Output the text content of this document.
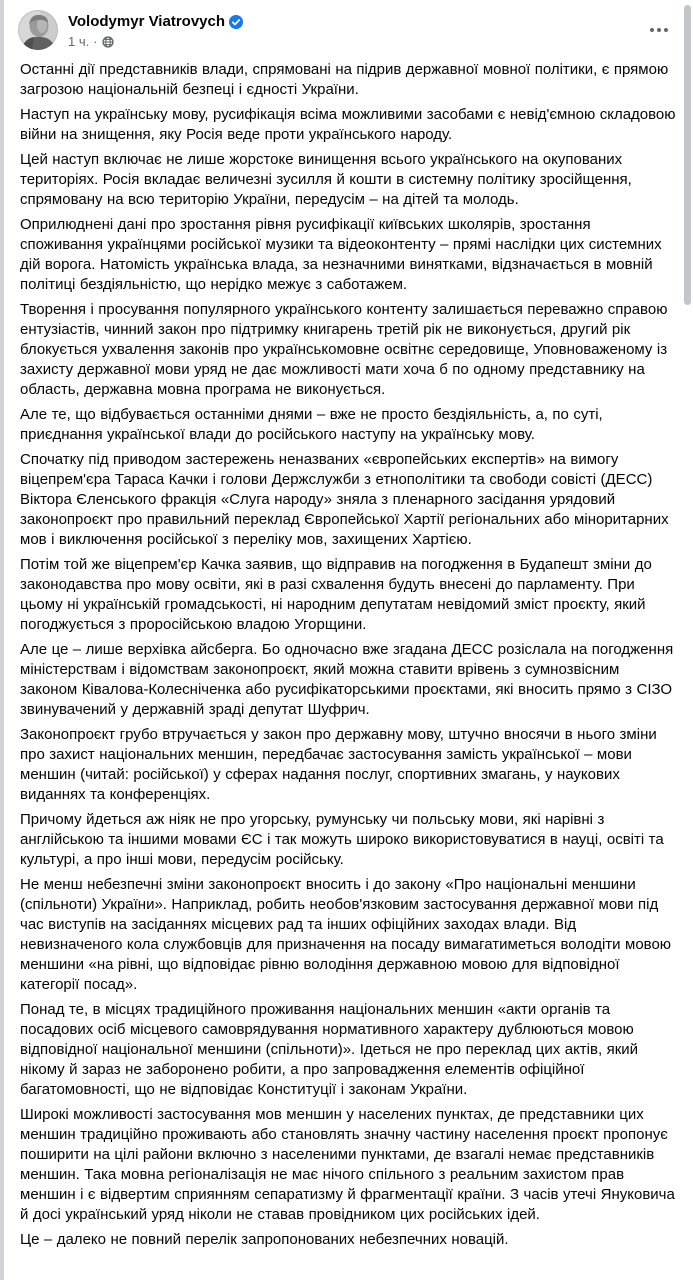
Volodymyr Viatrovych
1 ч. ·

Останні дії представників влади, спрямовані на підрив державної мовної політики, є прямою загрозою національній безпеці і єдності України.

Наступ на українську мову, русифікація всіма можливими засобами є невід'ємною складовою війни на знищення, яку Росія веде проти українського народу.

Цей наступ включає не лише жорстоке винищення всього українського на окупованих територіях. Росія вкладає величезні зусилля й кошти в системну політику зросійщення, спрямовану на всю територію України, передусім – на дітей та молодь.

Оприлюднені дані про зростання рівня русифікації київських школярів, зростання споживання українцями російської музики та відеоконтенту – прямі наслідки цих системних дій ворога. Натомість українська влада, за незначними винятками, відзначається в мовній політиці бездіяльністю, що нерідко межує з саботажем.

Творення і просування популярного українського контенту залишається переважно справою ентузіастів, чинний закон про підтримку книгарень третій рік не виконується, другий рік блокується ухвалення законів про українськомовне освітнє середовище, Уповноваженому із захисту державної мови уряд не дає можливості мати хоча б по одному представнику на область, державна мовна програма не виконується.

Але те, що відбувається останніми днями – вже не просто бездіяльність, а, по суті, приєднання української влади до російського наступу на українську мову.

Спочатку під приводом застережень неназваних «європейських експертів» на вимогу віцепрем'єра Тараса Качки і голови Держслужби з етнополітики та свободи совісті (ДЕСС) Віктора Єленського фракція «Слуга народу» зняла з пленарного засідання урядовий законопроєкт про правильний переклад Європейської Хартії регіональних або міноритарних мов і виключення російської з переліку мов, захищених Хартією.

Потім той же віцепрем'єр Качка заявив, що відправив на погодження в Будапешт зміни до законодавства про мову освіти, які в разі схвалення будуть внесені до парламенту. При цьому ні українській громадськості, ні народним депутатам невідомий зміст проєкту, який погоджується з проросійською владою Угорщини.

Але це – лише верхівка айсберга. Бо одночасно вже згадана ДЕСС розіслала на погодження міністерствам і відомствам законопроєкт, який можна ставити врівень з сумнозвісним законом Ківалова-Колесніченка або русифікаторськими проєктами, які вносить прямо з СІЗО звинувачений у державній зраді депутат Шуфрич.

Законопроєкт грубо втручається у закон про державну мову, штучно вносячи в нього зміни про захист національних меншин, передбачає застосування замість української – мови меншин (читай: російської) у сферах надання послуг, спортивних змагань, у наукових виданнях та конференціях.

Причому йдеться аж ніяк не про угорську, румунську чи польську мови, які нарівні з англійською та іншими мовами ЄС і так можуть широко використовуватися в науці, освіті та культурі, а про інші мови, передусім російську.

Не менш небезпечні зміни законопроєкт вносить і до закону «Про національні меншини (спільноти) України». Наприклад, робить необов'язковим застосування державної мови під час виступів на засіданнях місцевих рад та інших офіційних заходах влади. Від невизначеного кола службовців для призначення на посаду вимагатиметься володіти мовою меншини «на рівні, що відповідає рівню володіння державною мовою для відповідної категорії посад».

Понад те, в місцях традиційного проживання національних меншин «акти органів та посадових осіб місцевого самоврядування нормативного характеру дублюються мовою відповідної національної меншини (спільноти)». Ідеться не про переклад цих актів, який нікому й зараз не заборонено робити, а про запровадження елементів офіційної багатомовності, що не відповідає Конституції і законам України.

Широкі можливості застосування мов меншин у населених пунктах, де представники цих меншин традиційно проживають або становлять значну частину населення проєкт пропонує поширити на цілі райони включно з населеними пунктами, де взагалі немає представників меншин. Така мовна регіоналізація не має нічого спільного з реальним захистом прав меншин і є відвертим сприянням сепаратизму й фрагментації країни. З часів утечі Януковича й досі український уряд ніколи не ставав провідником цих російських ідей.

Це – далеко не повний перелік запропонованих небезпечних новацій.
